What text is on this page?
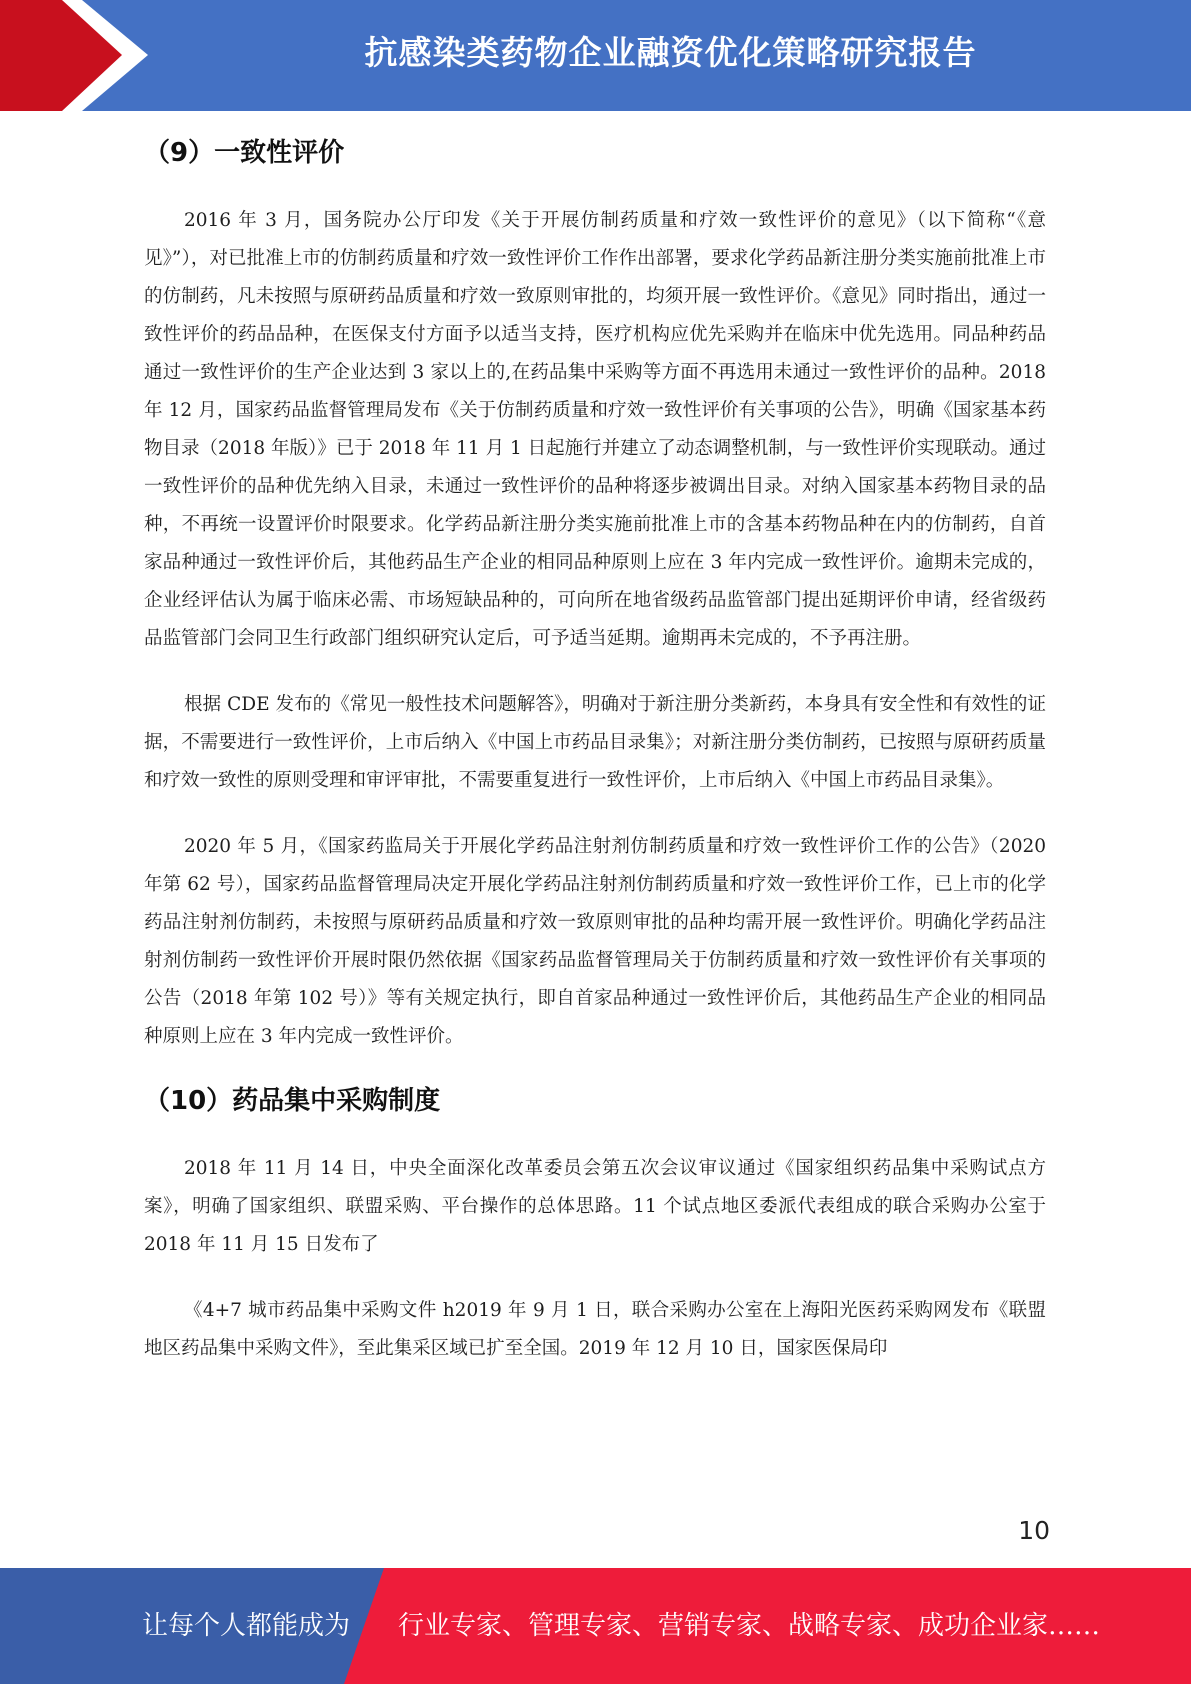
抗感染类药物企业融资优化策略研究报告
（9）一致性评价

2016 年 3 月，国务院办公厅印发《关于开展仿制药质量和疗效一致性评价的意见》（以下简称“《意见》”），对已批准上市的仿制药质量和疗效一致性评价工作作出部署，要求化学药品新注册分类实施前批准上市的仿制药，凡未按照与原研药品质量和疗效一致原则审批的，均须开展一致性评价。《意见》同时指出，通过一致性评价的药品品种，在医保支付方面予以适当支持，医疗机构应优先采购并在临床中优先选用。同品种药品通过一致性评价的生产企业达到 3 家以上的,在药品集中采购等方面不再选用未通过一致性评价的品种。2018 年 12 月，国家药品监督管理局发布《关于仿制药质量和疗效一致性评价有关事项的公告》，明确《国家基本药物目录（2018 年版）》已于 2018 年 11 月 1 日起施行并建立了动态调整机制，与一致性评价实现联动。通过一致性评价的品种优先纳入目录，未通过一致性评价的品种将逐步被调出目录。对纳入国家基本药物目录的品种，不再统一设置评价时限要求。化学药品新注册分类实施前批准上市的含基本药物品种在内的仿制药，自首家品种通过一致性评价后，其他药品生产企业的相同品种原则上应在 3 年内完成一致性评价。逾期未完成的，企业经评估认为属于临床必需、市场短缺品种的，可向所在地省级药品监管部门提出延期评价申请，经省级药品监管部门会同卫生行政部门组织研究认定后，可予适当延期。逾期再未完成的，不予再注册。

根据 CDE 发布的《常见一般性技术问题解答》，明确对于新注册分类新药，本身具有安全性和有效性的证据，不需要进行一致性评价，上市后纳入《中国上市药品目录集》；对新注册分类仿制药，已按照与原研药质量和疗效一致性的原则受理和审评审批，不需要重复进行一致性评价，上市后纳入《中国上市药品目录集》。

2020 年 5 月，《国家药监局关于开展化学药品注射剂仿制药质量和疗效一致性评价工作的公告》（2020 年第 62 号），国家药品监督管理局决定开展化学药品注射剂仿制药质量和疗效一致性评价工作，已上市的化学药品注射剂仿制药，未按照与原研药品质量和疗效一致原则审批的品种均需开展一致性评价。明确化学药品注射剂仿制药一致性评价开展时限仍然依据《国家药品监督管理局关于仿制药质量和疗效一致性评价有关事项的公告（2018 年第 102 号）》等有关规定执行，即自首家品种通过一致性评价后，其他药品生产企业的相同品种原则上应在 3 年内完成一致性评价。

（10）药品集中采购制度

2018 年 11 月 14 日，中央全面深化改革委员会第五次会议审议通过《国家组织药品集中采购试点方案》，明确了国家组织、联盟采购、平台操作的总体思路。11 个试点地区委派代表组成的联合采购办公室于 2018 年 11 月 15 日发布了

《4+7 城市药品集中采购文件 h2019 年 9 月 1 日，联合采购办公室在上海阳光医药采购网发布《联盟地区药品集中采购文件》，至此集采区域已扩至全国。2019 年 12 月 10 日，国家医保局印

10
让每个人都能成为 行业专家、管理专家、营销专家、战略专家、成功企业家……
